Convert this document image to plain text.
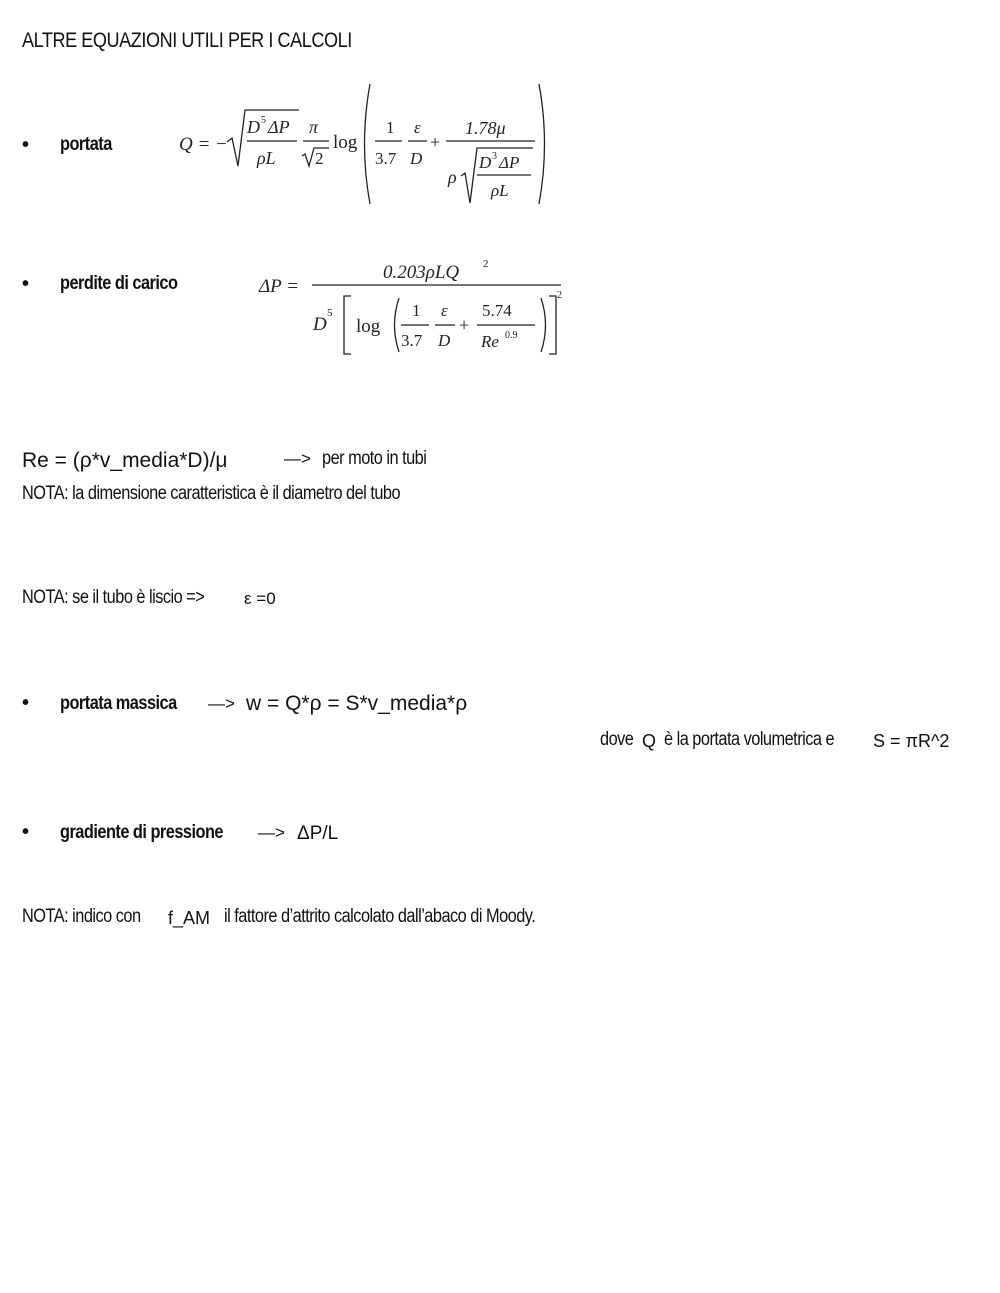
ALTRE EQUAZIONI UTILI PER I CALCOLI
• portata	Q = −
D 5 ΔP
ρL
π
2
log
1
3.7
ε
D
+
1.78μ
ρ
D 3 ΔP
ρL
• perdite di carico	ΔP =
0.203ρLQ 2
D
5
2
log
1
3.7
ε
D
+
5.74
Re 0.9
Re = (ρ*v_media*D)/μ	—> per moto in tubi
NOTA: la dimensione caratteristica è il diametro del tubo
NOTA: se il tubo è liscio => ε =0
• portata massica —> w = Q*ρ = S*v_media*ρ
dove Q è la portata volumetrica e S = πR^2
• gradiente di pressione —> ΔP/L
NOTA: indico con f_AM il fattore d’attrito calcolato dall’abaco di Moody.
